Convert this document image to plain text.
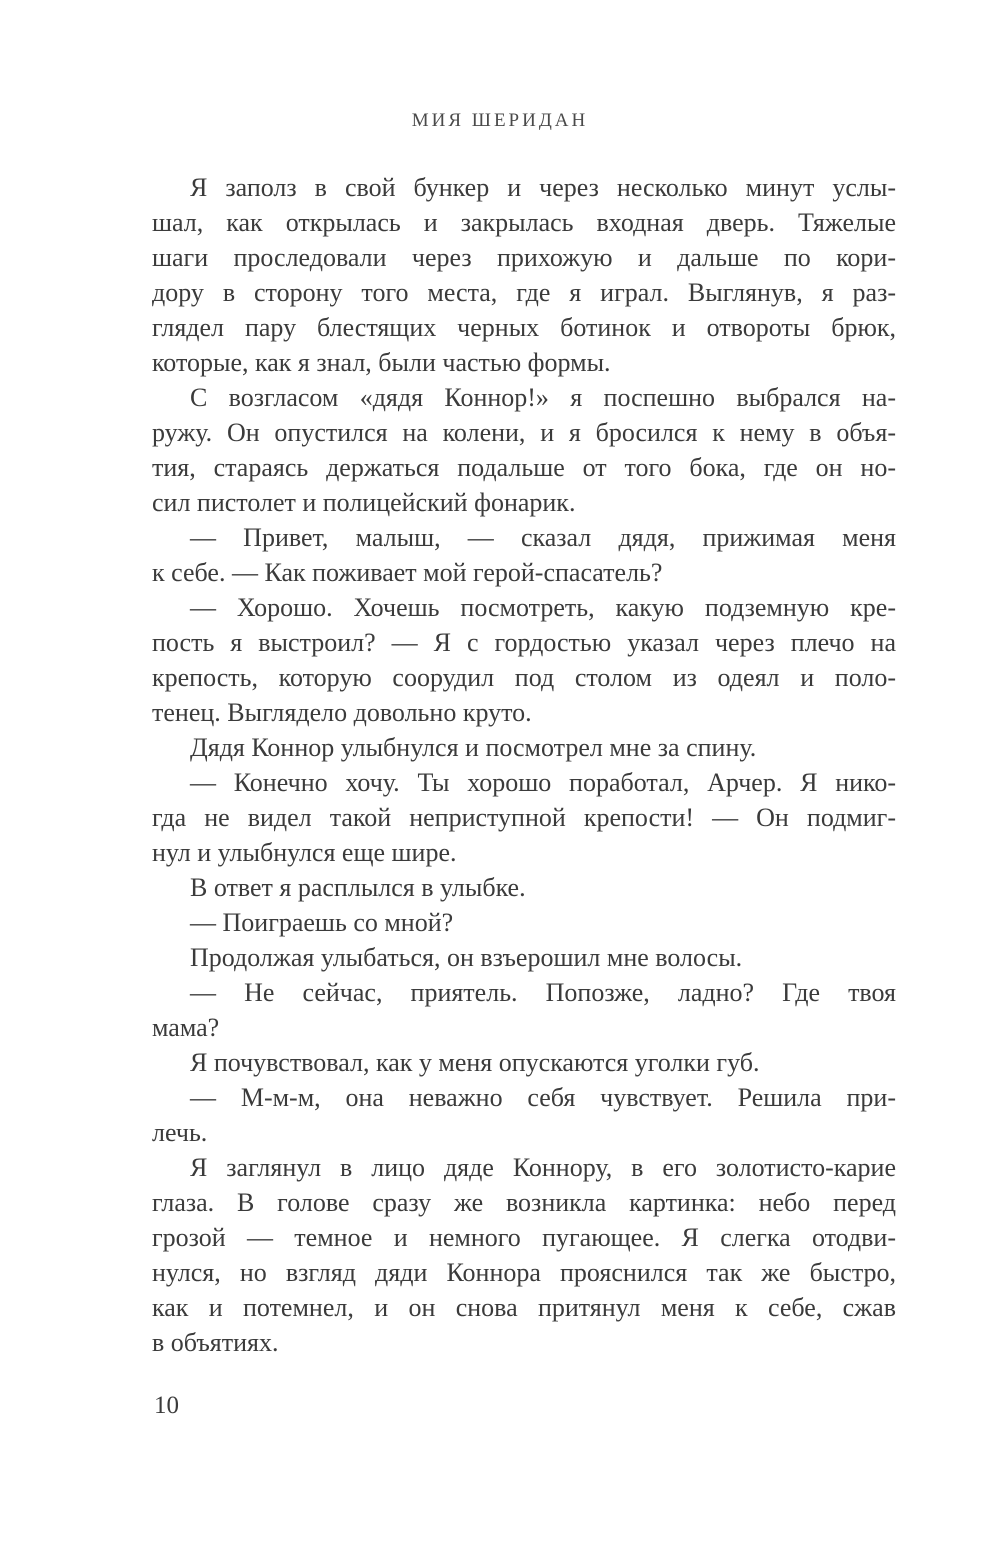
МИЯ ШЕРИДАН
Я заполз в свой бункер и через несколько минут услы-
шал, как открылась и закрылась входная дверь. Тяжелые
шаги проследовали через прихожую и дальше по кори-
дору в сторону того места, где я играл. Выглянув, я раз-
глядел пару блестящих черных ботинок и отвороты брюк,
которые, как я знал, были частью формы.
С возгласом «дядя Коннор!» я поспешно выбрался на-
ружу. Он опустился на колени, и я бросился к нему в объя-
тия, стараясь держаться подальше от того бока, где он но-
сил пистолет и полицейский фонарик.
— Привет, малыш, — сказал дядя, прижимая меня
к себе. — Как поживает мой герой-спасатель?
— Хорошо. Хочешь посмотреть, какую подземную кре-
пость я выстроил? — Я с гордостью указал через плечо на
крепость, которую соорудил под столом из одеял и поло-
тенец. Выглядело довольно круто.
Дядя Коннор улыбнулся и посмотрел мне за спину.
— Конечно хочу. Ты хорошо поработал, Арчер. Я нико-
гда не видел такой неприступной крепости! — Он подмиг-
нул и улыбнулся еще шире.
В ответ я расплылся в улыбке.
— Поиграешь со мной?
Продолжая улыбаться, он взъерошил мне волосы.
— Не сейчас, приятель. Попозже, ладно? Где твоя
мама?
Я почувствовал, как у меня опускаются уголки губ.
— М-м-м, она неважно себя чувствует. Решила при-
лечь.
Я заглянул в лицо дяде Коннору, в его золотисто-карие
глаза. В голове сразу же возникла картинка: небо перед
грозой — темное и немного пугающее. Я слегка отодви-
нулся, но взгляд дяди Коннора прояснился так же быстро,
как и потемнел, и он снова притянул меня к себе, сжав
в объятиях.
10
